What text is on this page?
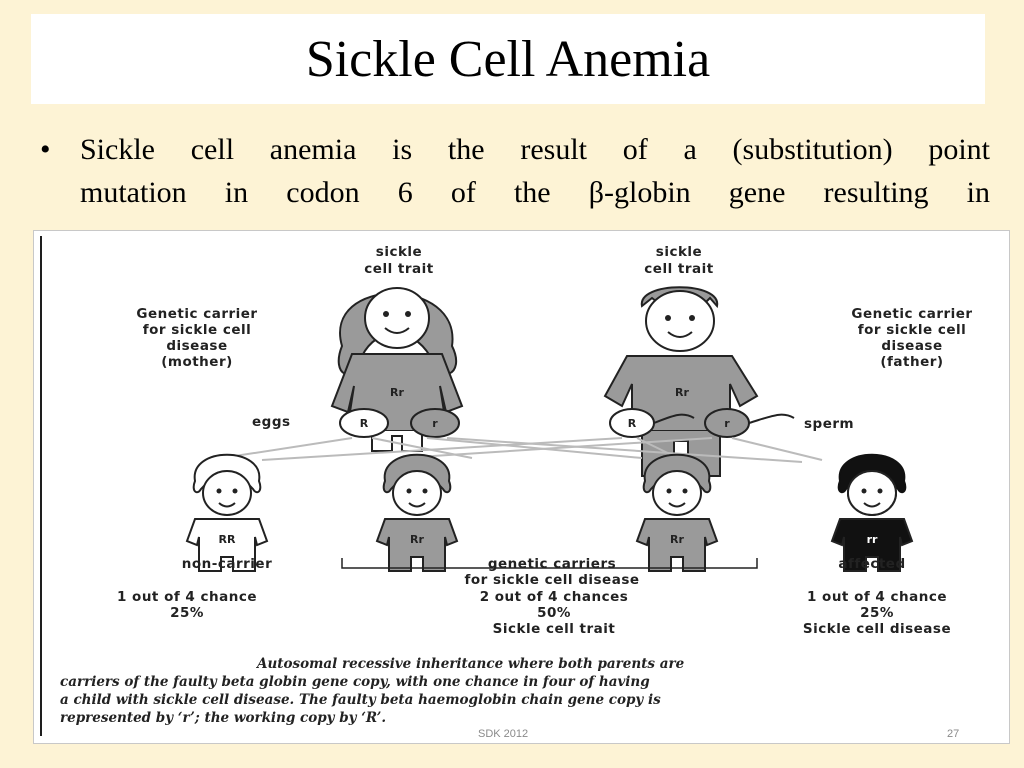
Sickle Cell Anemia
• Sickle cell anemia is the result of a (substitution) point
mutation in codon 6 of the β-globin gene resulting in
sickle
cell trait
Rr
Genetic carrier
for sickle cell
disease
(mother)
sickle
cell trait
Rr
Genetic carrier
for sickle cell
disease
(father)
eggs	R	r	R	r	sperm
RR	Rr	Rr	rr
non-carrier	affected
genetic carriers
for sickle cell disease
1 out of 4 chance
25%
2 out of 4 chances
50%
Sickle cell trait
1 out of 4 chance
25%
Sickle cell disease
Autosomal recessive inheritance where both parents are
carriers of the faulty beta globin gene copy, with one chance in four of having
a child with sickle cell disease. The faulty beta haemoglobin chain gene copy is
represented by ‘r’; the working copy by ‘R’.
SDK 2012	27
